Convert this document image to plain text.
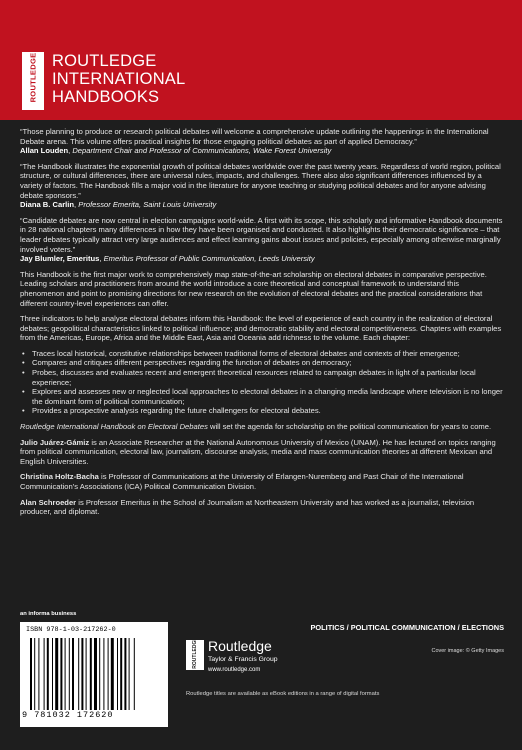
ROUTLEDGE ROUTLEDGE
INTERNATIONAL
HANDBOOKS

“Those planning to produce or research political debates will welcome a comprehensive update outlining the happenings in the International Debate arena. This volume offers practical insights for those engaging political debates as part of applied Democracy.”
Allan Louden, Department Chair and Professor of Communications, Wake Forest University

“The Handbook illustrates the exponential growth of political debates worldwide over the past twenty years. Regardless of world region, political structure, or cultural differences, there are universal rules, impacts, and challenges. There also also significant differences influenced by a variety of factors. The Handbook fills a major void in the literature for anyone teaching or studying political debates and for anyone advising debate sponsors.”
Diana B. Carlin, Professor Emerita, Saint Louis University

“Candidate debates are now central in election campaigns world-wide. A first with its scope, this scholarly and informative Handbook documents in 28 national chapters many differences in how they have been organised and conducted. It also highlights their democratic significance – that leader debates typically attract very large audiences and effect learning gains about issues and policies, especially among otherwise marginally involved voters.”
Jay Blumler, Emeritus, Emeritus Professor of Public Communication, Leeds University

This Handbook is the first major work to comprehensively map state-of-the-art scholarship on electoral debates in comparative perspective. Leading scholars and practitioners from around the world introduce a core theoretical and conceptual framework to understand this phenomenon and point to promising directions for new research on the evolution of electoral debates and the practical considerations that different country-level experiences can offer.

Three indicators to help analyse electoral debates inform this Handbook: the level of experience of each country in the realization of electoral debates; geopolitical characteristics linked to political influence; and democratic stability and electoral competitiveness. Chapters with examples from the Americas, Europe, Africa and the Middle East, Asia and Oceania add richness to the volume. Each chapter:

• Traces local historical, constitutive relationships between traditional forms of electoral debates and contexts of their emergence;
• Compares and critiques different perspectives regarding the function of debates on democracy;
• Probes, discusses and evaluates recent and emergent theoretical resources related to campaign debates in light of a particular local experience;
• Explores and assesses new or neglected local approaches to electoral debates in a changing media landscape where television is no longer the dominant form of political communication;
• Provides a prospective analysis regarding the future challengers for electoral debates.

Routledge International Handbook on Electoral Debates will set the agenda for scholarship on the political communication for years to come.

Julio Juárez-Gámiz is an Associate Researcher at the National Autonomous University of Mexico (UNAM). He has lectured on topics ranging from political communication, electoral law, journalism, discourse analysis, media and mass communication theories at different Mexican and English Universities.

Christina Holtz-Bacha is Professor of Communications at the University of Erlangen-Nuremberg and Past Chair of the International Communication's Associations (ICA) Political Communication Division.

Alan Schroeder is Professor Emeritus in the School of Journalism at Northeastern University and has worked as a journalist, television producer, and diplomat.

an informa business
ISBN 978-1-03-217262-0
9 781032 172620
ROUTLEDGE Routledge
Taylor & Francis Group
www.routledge.com
POLITICS / POLITICAL COMMUNICATION / ELECTIONS
Cover image: © Getty Images
Routledge titles are available as eBook editions in a range of digital formats
